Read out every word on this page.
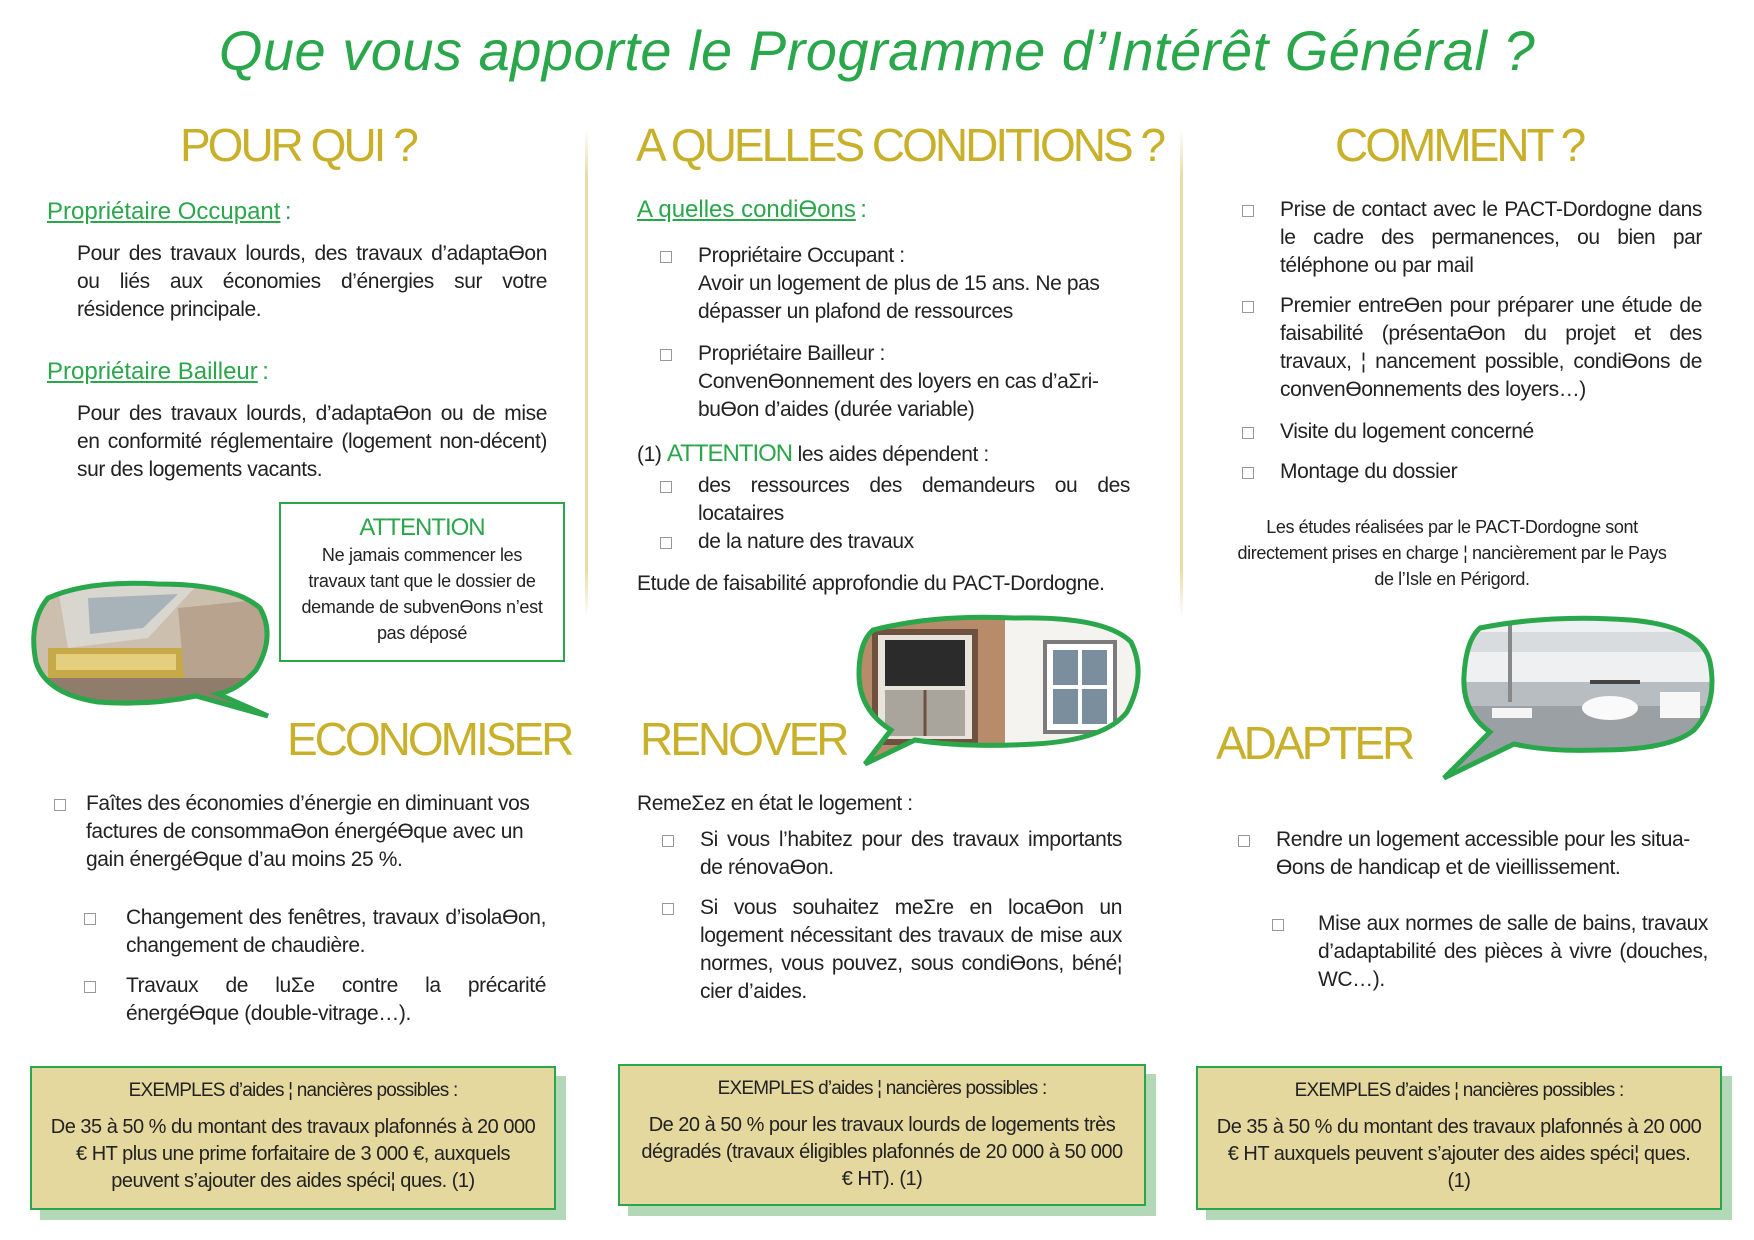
Que vous apporte le Programme d’Intérêt Général ?
POUR QUI ?
Propriétaire Occupant :
Pour des travaux lourds, des travaux d’adaptaϴon ou liés aux économies d’énergies sur votre résidence principale.
Propriétaire Bailleur :
Pour des travaux lourds, d’adaptaϴon ou de mise en conformité réglementaire (logement non-décent) sur des logements vacants.
ATTENTION
Ne jamais commencer les travaux tant que le dossier de demande de subvenϴons n’est pas déposé
A QUELLES CONDITIONS ?
A quelles condiϴons :
Propriétaire Occupant :
Avoir un logement de plus de 15 ans. Ne pas dépasser un plafond de ressources
Propriétaire Bailleur :
Convenϴonnement des loyers en cas d’aΣri-buϴon d’aides (durée variable)
(1) ATTENTION les aides dépendent :
des ressources des demandeurs ou des locataires
de la nature des travaux
Etude de faisabilité approfondie du PACT-Dordogne.
COMMENT ?
Prise de contact avec le PACT-Dordogne dans le cadre des permanences, ou bien par téléphone ou par mail
Premier entreϴen pour préparer une étude de faisabilité (présentaϴon du projet et des travaux, ¦ nancement possible, condiϴons de convenϴonnements des loyers…)
Visite du logement concerné
Montage du dossier
Les études réalisées par le PACT-Dordogne sont directement prises en charge ¦ nancièrement par le Pays de l’Isle en Périgord.
ECONOMISER
Faîtes des économies d’énergie en diminuant vos factures de consommaϴon énergéϴque avec un gain énergéϴque d’au moins 25 %.
Changement des fenêtres, travaux d’isolaϴon, changement de chaudière.
Travaux de luΣe contre la précarité énergéϴque (double-vitrage…).
EXEMPLES d’aides ¦ nancières possibles :
De 35 à 50 % du montant des travaux plafonnés à 20 000 € HT plus une prime forfaitaire de 3 000 €, auxquels peuvent s’ajouter des aides spéci¦ ques. (1)
RENOVER
RemeΣez en état le logement :
Si vous l’habitez pour des travaux importants de rénovaϴon.
Si vous souhaitez meΣre en locaϴon un logement nécessitant des travaux de mise aux normes, vous pouvez, sous condiϴons, béné¦ cier d’aides.
EXEMPLES d’aides ¦ nancières possibles :
De 20 à 50 % pour les travaux lourds de logements très dégradés (travaux éligibles plafonnés de 20 000 à 50 000 € HT). (1)
ADAPTER
Rendre un logement accessible pour les situa-ϴons de handicap et de vieillissement.
Mise aux normes de salle de bains, travaux d’adaptabilité des pièces à vivre (douches, WC…).
EXEMPLES d’aides ¦ nancières possibles :
De 35 à 50 % du montant des travaux plafonnés à 20 000 € HT auxquels peuvent s’ajouter des aides spéci¦ ques. (1)
